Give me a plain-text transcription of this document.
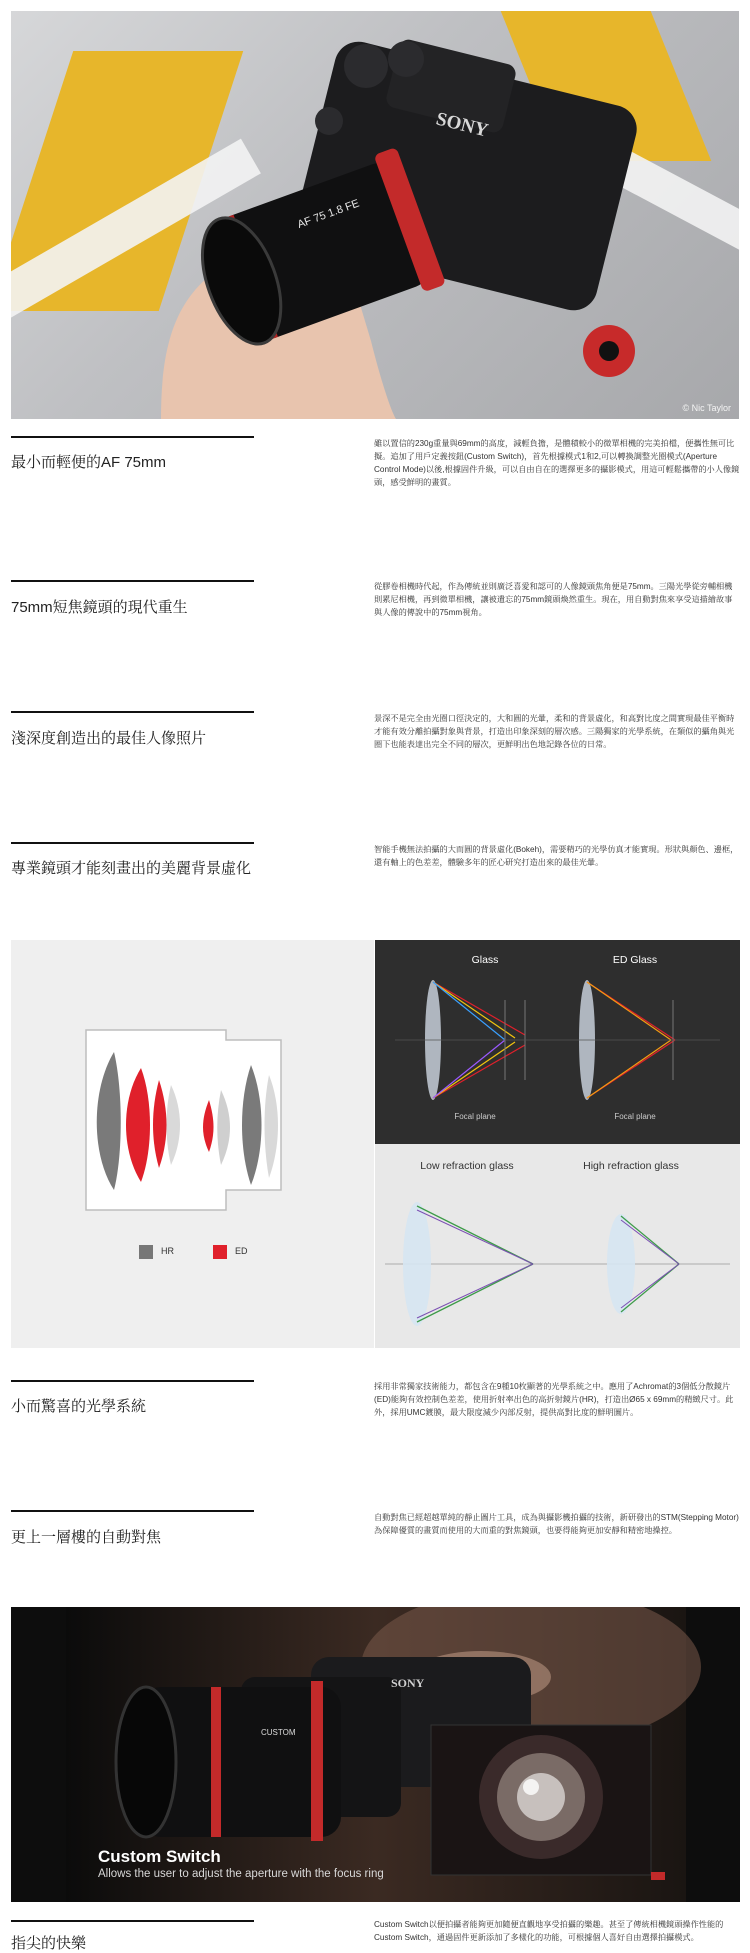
SONY
AF 75 1.8 FE
© Nic Taylor
最小而輕便的AF 75mm
雖以置信的230g重量與69mm的高度，減輕負擔，是體積較小的微單相機的完美拍檔，便攜性無可比擬。追加了用戶定義按鈕(Custom Switch)，首先根據模式1和2,可以轉換調整光圈模式(Aperture Control Mode)以後,根據固件升級，可以自由自在的選擇更多的攝影模式，用這可輕鬆攜帶的小人像鏡頭，感受鮮明的畫質。
75mm短焦鏡頭的現代重生
從膠卷相機時代起，作為傳統並則廣泛喜愛和認可的人像鏡頭焦角便是75mm。三陽光學從旁輔相機則累尼相機，再到微單相機，讓被遺忘的75mm鏡頭煥然重生。現在，用自動對焦來享受這描繪故事與人像的傳說中的75mm視角。
淺深度創造出的最佳人像照片
景深不是完全由光圈口徑決定的，大和圓的光暈，柔和的背景虛化，和高對比度之間實現最佳平衡時才能有效分離拍攝對象與背景，打造出印象深刻的層次感。三陽獨家的光學系統，在類似的攝角與光圈下也能表達出完全不同的層次，更鮮明出色地記錄各位的日常。
專業鏡頭才能刻畫出的美麗背景虛化
智能手機無法拍攝的大而圓的背景虛化(Bokeh)，需要精巧的光學仿真才能實現。形狀與顏色、邊框，還有軸上的色差差，體驗多年的匠心研究打造出來的最佳光暈。
HR	ED
Glass	ED Glass
Focal plane	Focal plane
Low refraction glass	High refraction glass
小而驚喜的光學系統
採用非常獨家技術能力，都包含在9種10枚顯著的光學系統之中。應用了Achromat的3個低分散鏡片(ED)能夠有效控制色差差，使用折射率出色的高折射鏡片(HR)，打造出Ø65 x 69mm的精緻尺寸。此外，採用UMC鍍膜，最大限度減少內部反射，提供高對比度的鮮明圖片。
更上一層樓的自動對焦
自動對焦已經超越單純的靜止圖片工具，成為與攝影機拍攝的技術，新研發出的STM(Stepping Motor)為保障優質的畫質而使用的大而重的對焦鏡頭，也要得能夠更加安靜和精密地操控。
CUSTOM
SONY
Custom Switch
Allows the user to adjust the aperture with the focus ring
指尖的快樂
Custom Switch以便拍攝者能夠更加隨便直觀地享受拍攝的樂趣。甚至了傳統相機鏡頭操作性能的Custom Switch，通過固件更新添加了多樣化的功能，可根據個人喜好自由選擇拍攝模式。
